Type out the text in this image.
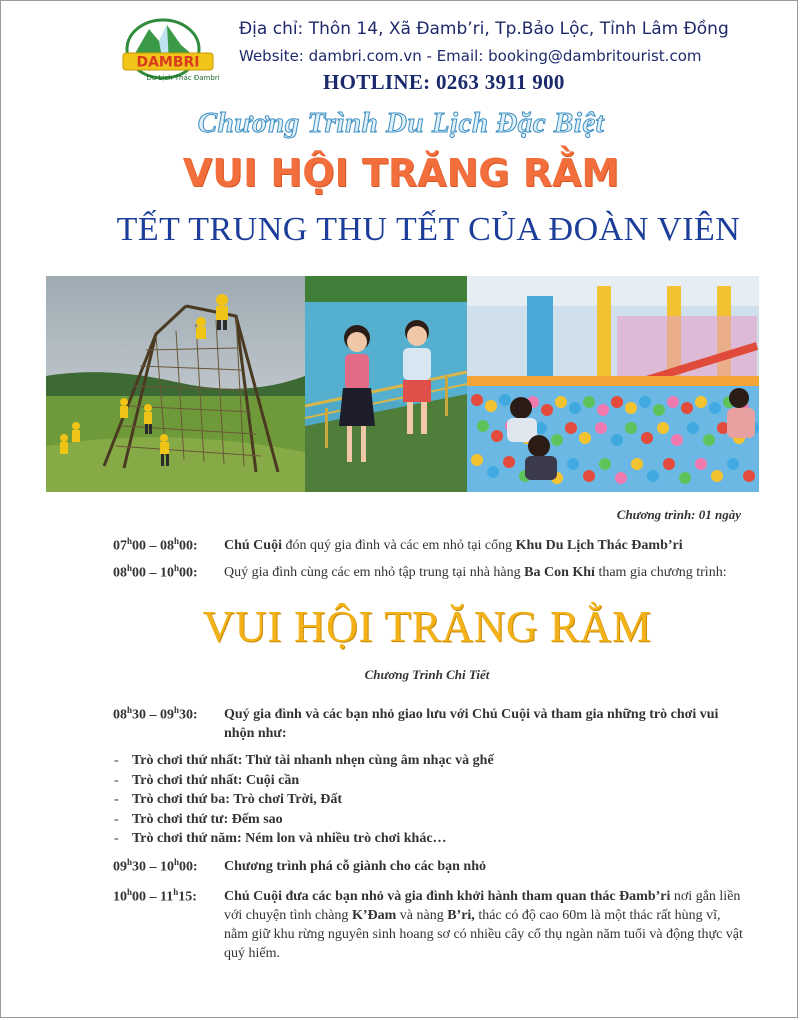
DAMBRI
Du Lịch Thác Đambri
Địa chỉ: Thôn 14, Xã Đamb’ri, Tp.Bảo Lộc, Tỉnh Lâm Đồng
Website: dambri.com.vn - Email: booking@dambritourist.com
HOTLINE: 0263 3911 900
Chương Trình Du Lịch Đặc Biệt
VUI HỘI TRĂNG RẰM
TẾT TRUNG THU TẾT CỦA ĐOÀN VIÊN
Chương trình: 01 ngày
07$^h$00 – 08$^h$00: Chú Cuội đón quý gia đình và các em nhỏ tại cổng Khu Du Lịch Thác Đamb’ri
08$^h$00 – 10$^h$00: Quý gia đình cùng các em nhỏ tập trung tại nhà hàng Ba Con Khỉ tham gia chương trình:
VUI HỘI TRĂNG RẰM
Chương Trình Chi Tiết
08$^h$30 – 09$^h$30: Quý gia đình và các bạn nhỏ giao lưu với Chú Cuội và tham gia những trò chơi vui nhộn như:
- Trò chơi thứ nhất: Thử tài nhanh nhẹn cùng âm nhạc và ghế
- Trò chơi thứ nhất: Cuội cần
- Trò chơi thứ ba: Trò chơi Trời, Đất
- Trò chơi thứ tư: Đếm sao
- Trò chơi thứ năm: Ném lon và nhiều trò chơi khác…
09$^h$30 – 10$^h$00: Chương trình phá cỗ giành cho các bạn nhỏ
10$^h$00 – 11$^h$15: Chú Cuội đưa các bạn nhỏ và gia đình khởi hành tham quan thác Đamb’ri nơi gắn liền với chuyện tình chàng K’Đam và nàng B’ri, thác có độ cao 60m là một thác rất hùng vĩ, nằm giữ khu rừng nguyên sinh hoang sơ có nhiều cây cổ thụ ngàn năm tuổi và động thực vật quý hiếm.
